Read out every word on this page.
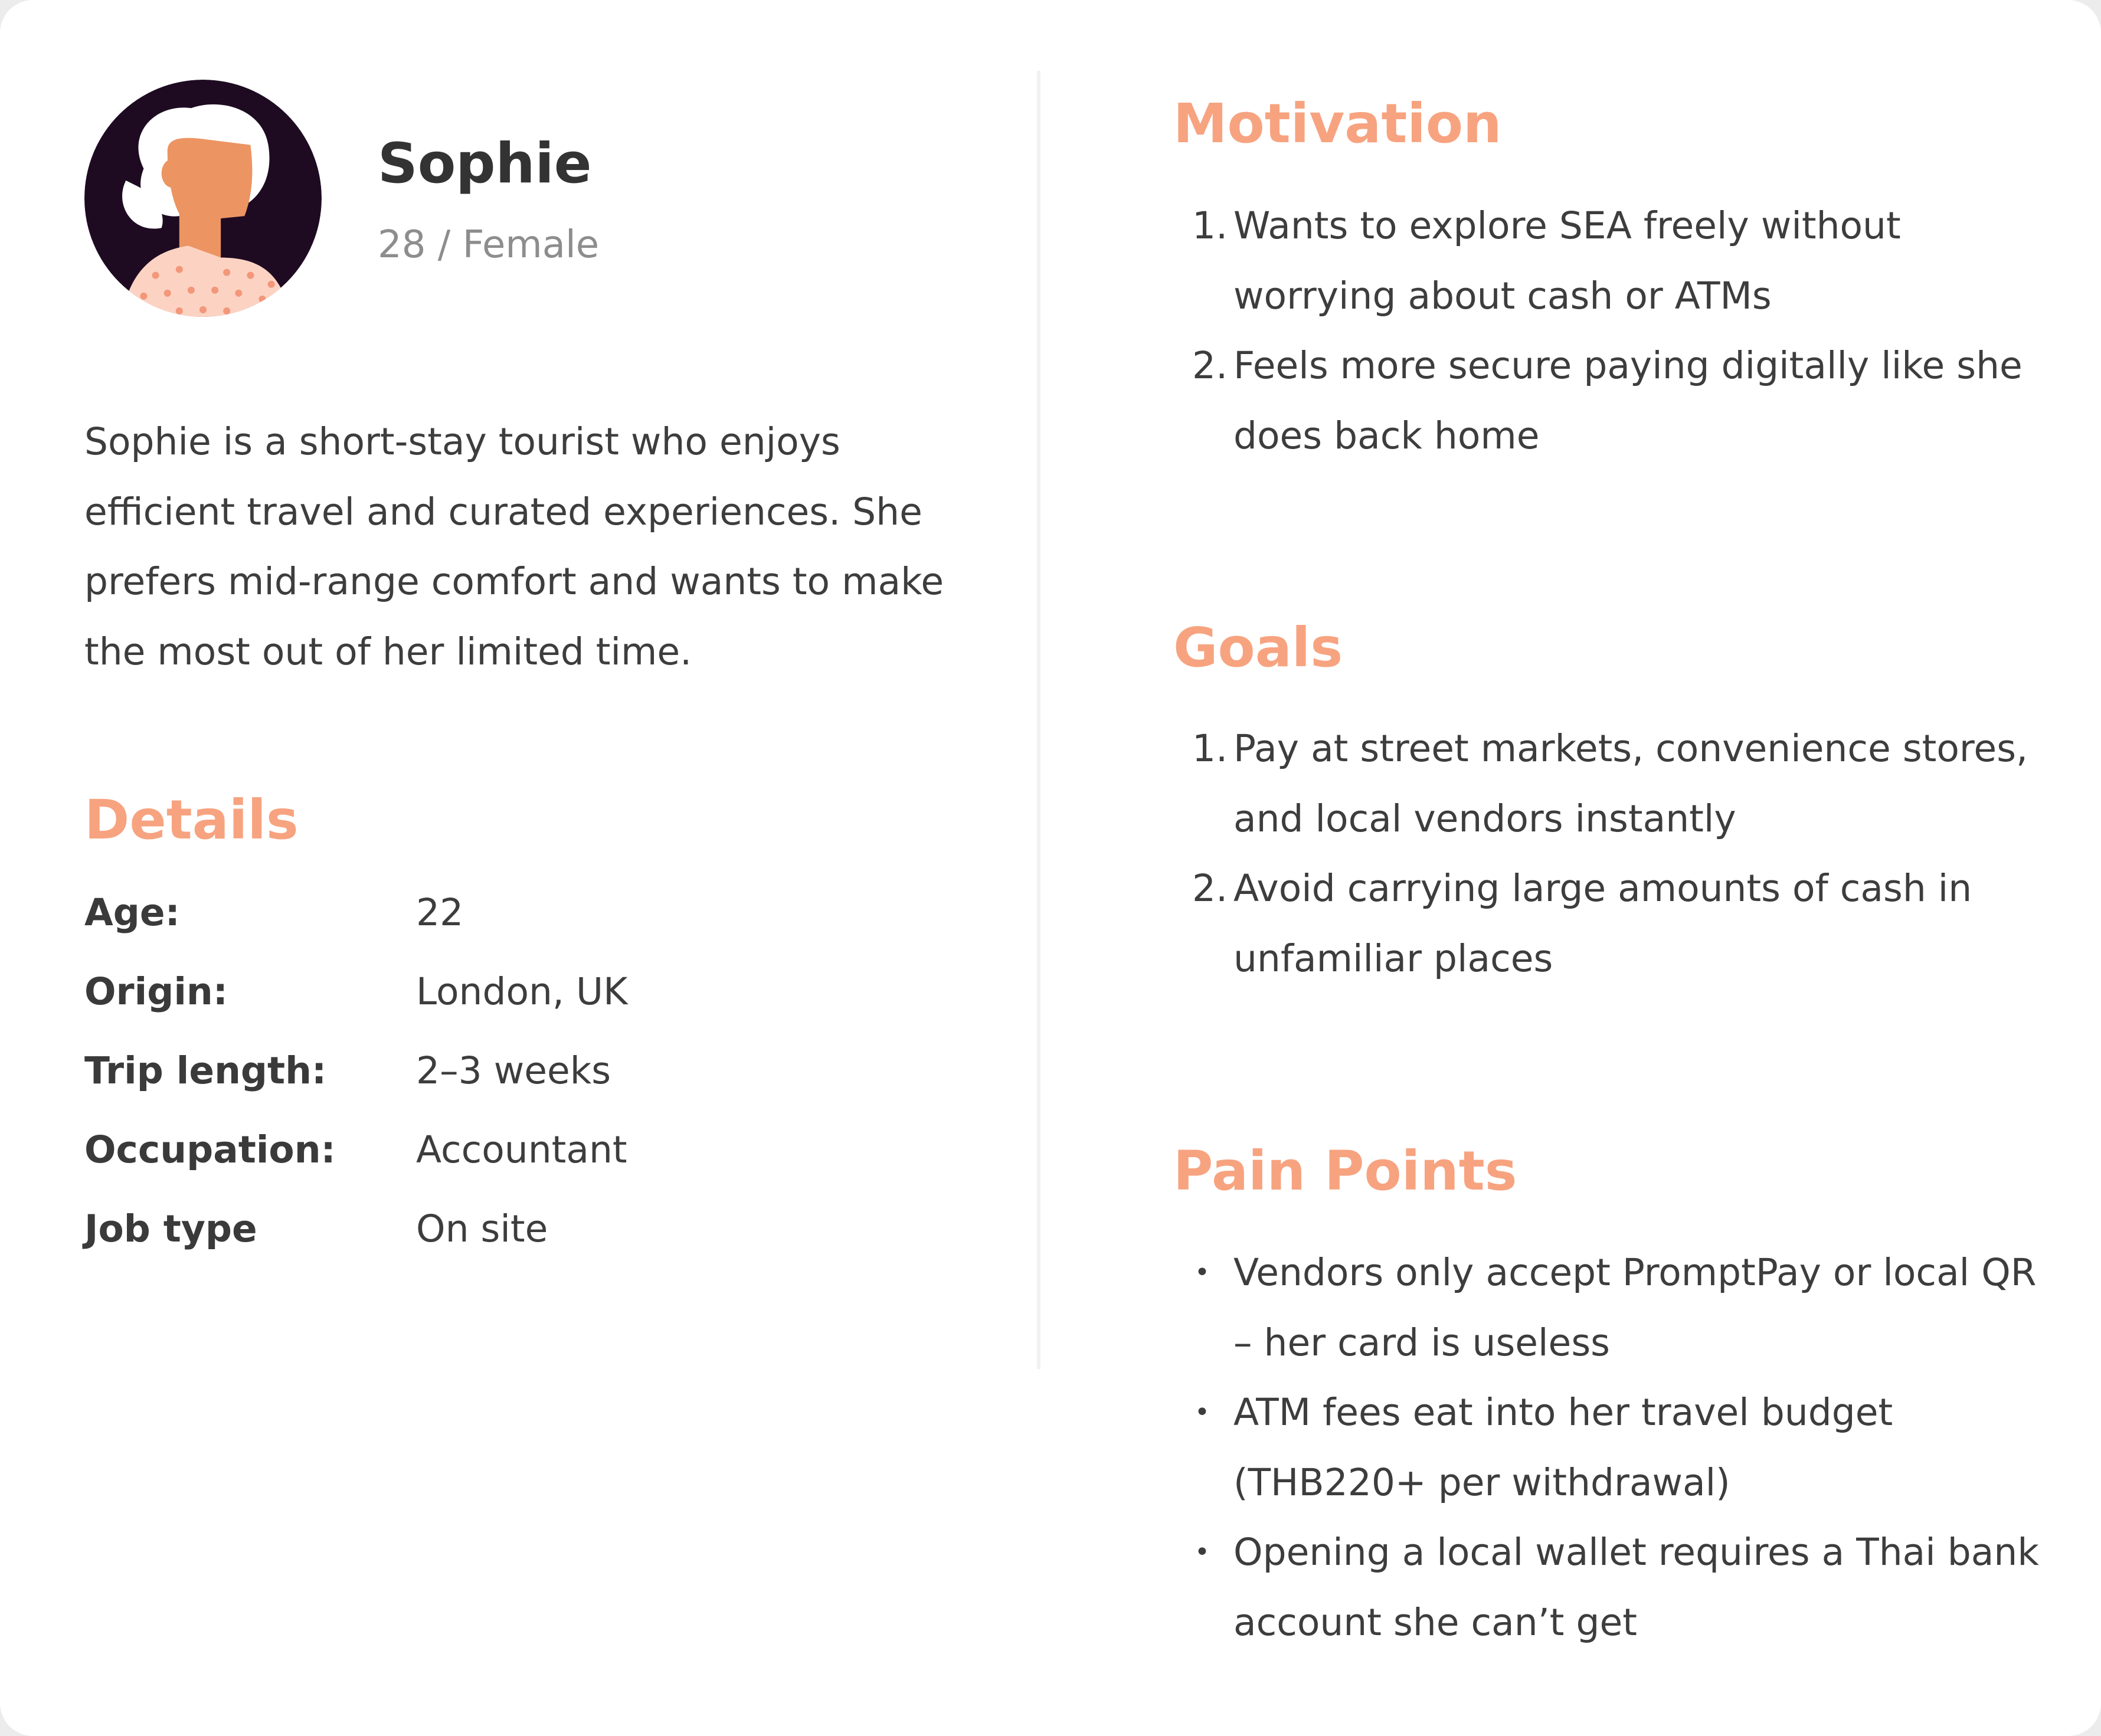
Sophie
28 / Female

Sophie is a short-stay tourist who enjoys efficient travel and curated experiences. She prefers mid-range comfort and wants to make the most out of her limited time.

Details
Age:	22
Origin:	London, UK
Trip length:	2–3 weeks
Occupation:	Accountant
Job type	On site
Motivation
1. Wants to explore SEA freely without worrying about cash or ATMs
2. Feels more secure paying digitally like she does back home
Goals
1. Pay at street markets, convenience stores, and local vendors instantly
2. Avoid carrying large amounts of cash in unfamiliar places
Pain Points
• Vendors only accept PromptPay or local QR – her card is useless
• ATM fees eat into her travel budget (THB220+ per withdrawal)
• Opening a local wallet requires a Thai bank account she can’t get
